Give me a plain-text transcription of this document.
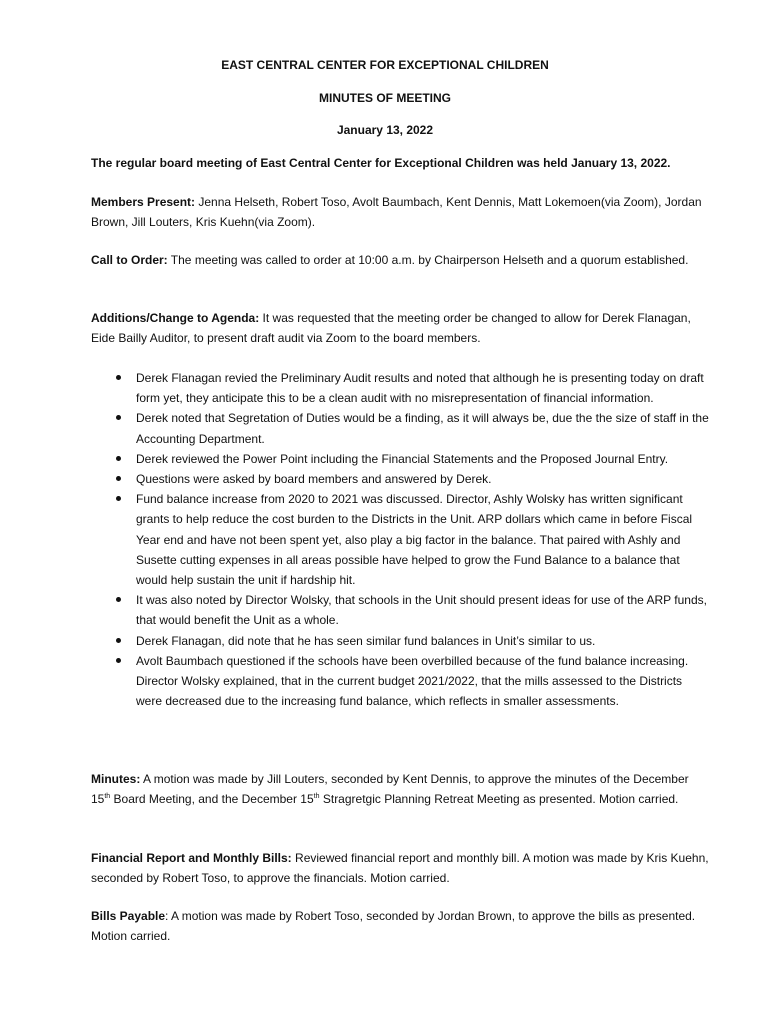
EAST CENTRAL CENTER FOR EXCEPTIONAL CHILDREN
MINUTES OF MEETING
January 13, 2022
The regular board meeting of East Central Center for Exceptional Children was held January 13, 2022.
Members Present: Jenna Helseth, Robert Toso, Avolt Baumbach, Kent Dennis, Matt Lokemoen(via Zoom), Jordan Brown, Jill Louters, Kris Kuehn(via Zoom).
Call to Order: The meeting was called to order at 10:00 a.m. by Chairperson Helseth and a quorum established.
Additions/Change to Agenda: It was requested that the meeting order be changed to allow for Derek Flanagan, Eide Bailly Auditor, to present draft audit via Zoom to the board members.
Derek Flanagan revied the Preliminary Audit results and noted that although he is presenting today on draft form yet, they anticipate this to be a clean audit with no misrepresentation of financial information.
Derek noted that Segretation of Duties would be a finding, as it will always be, due the the size of staff in the Accounting Department.
Derek reviewed the Power Point including the Financial Statements and the Proposed Journal Entry.
Questions were asked by board members and answered by Derek.
Fund balance increase from 2020 to 2021 was discussed. Director, Ashly Wolsky has written significant grants to help reduce the cost burden to the Districts in the Unit. ARP dollars which came in before Fiscal Year end and have not been spent yet, also play a big factor in the balance. That paired with Ashly and Susette cutting expenses in all areas possible have helped to grow the Fund Balance to a balance that would help sustain the unit if hardship hit.
It was also noted by Director Wolsky, that schools in the Unit should present ideas for use of the ARP funds, that would benefit the Unit as a whole.
Derek Flanagan, did note that he has seen similar fund balances in Unit’s similar to us.
Avolt Baumbach questioned if the schools have been overbilled because of the fund balance increasing. Director Wolsky explained, that in the current budget 2021/2022, that the mills assessed to the Districts were decreased due to the increasing fund balance, which reflects in smaller assessments.
Minutes: A motion was made by Jill Louters, seconded by Kent Dennis, to approve the minutes of the December 15th Board Meeting, and the December 15th Stragretgic Planning Retreat Meeting as presented. Motion carried.
Financial Report and Monthly Bills: Reviewed financial report and monthly bill. A motion was made by Kris Kuehn, seconded by Robert Toso, to approve the financials. Motion carried.
Bills Payable: A motion was made by Robert Toso, seconded by Jordan Brown, to approve the bills as presented. Motion carried.
